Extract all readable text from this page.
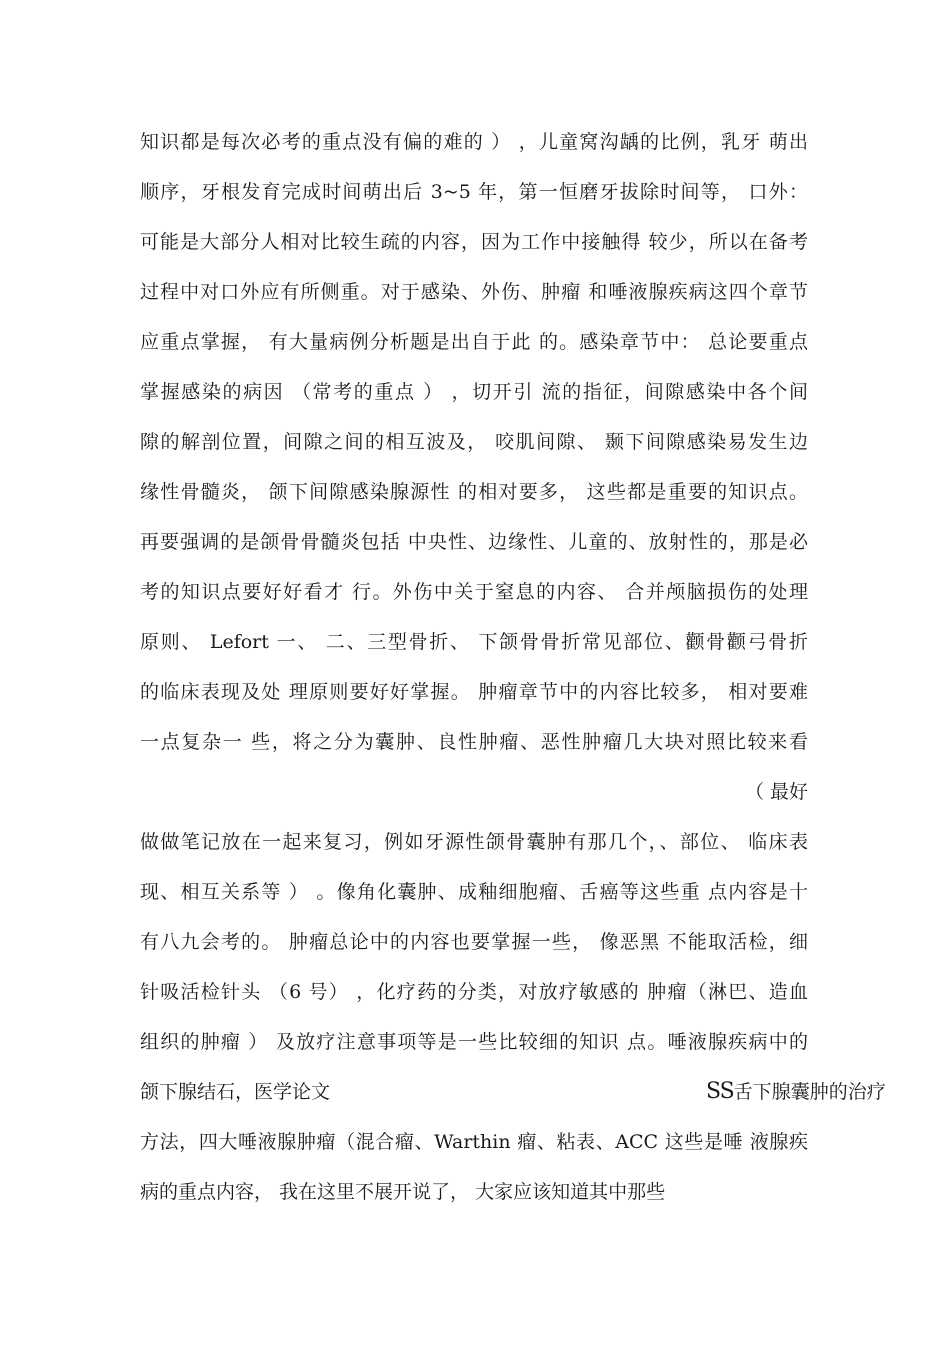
知识都是每次必考的重点没有偏的难的 ） ，儿童窝沟龋的比例，乳牙 萌出
顺序，牙根发育完成时间萌出后 3~5 年，第一恒磨牙拔除时间等， 口外：
可能是大部分人相对比较生疏的内容，因为工作中接触得 较少，所以在备考
过程中对口外应有所侧重。对于感染、外伤、肿瘤 和唾液腺疾病这四个章节
应重点掌握， 有大量病例分析题是出自于此 的。感染章节中： 总论要重点
掌握感染的病因 （常考的重点 ） ，切开引 流的指征，间隙感染中各个间
隙的解剖位置，间隙之间的相互波及， 咬肌间隙、 颞下间隙感染易发生边
缘性骨髓炎， 颌下间隙感染腺源性 的相对要多， 这些都是重要的知识点。
再要强调的是颌骨骨髓炎包括 中央性、边缘性、儿童的、放射性的，那是必
考的知识点要好好看才 行。外伤中关于窒息的内容、 合并颅脑损伤的处理
原则、 Lefort 一、 二、三型骨折、 下颌骨骨折常见部位、颧骨颧弓骨折
的临床表现及处 理原则要好好掌握。 肿瘤章节中的内容比较多， 相对要难
一点复杂一 些，将之分为囊肿、良性肿瘤、恶性肿瘤几大块对照比较来看
（ 最好
做做笔记放在一起来复习，例如牙源性颌骨囊肿有那几个，、部位、 临床表
现、相互关系等 ） 。像角化囊肿、成釉细胞瘤、舌癌等这些重 点内容是十
有八九会考的。 肿瘤总论中的内容也要掌握一些， 像恶黑 不能取活检，细
针吸活检针头 （6 号） ，化疗药的分类，对放疗敏感的 肿瘤（淋巴、造血
组织的肿瘤 ） 及放疗注意事项等是一些比较细的知识 点。唾液腺疾病中的
颌下腺结石，医学论文	SS舌下腺囊肿的治疗
方法，四大唾液腺肿瘤（混合瘤、Warthin 瘤、粘表、ACC 这些是唾 液腺疾
病的重点内容， 我在这里不展开说了， 大家应该知道其中那些
